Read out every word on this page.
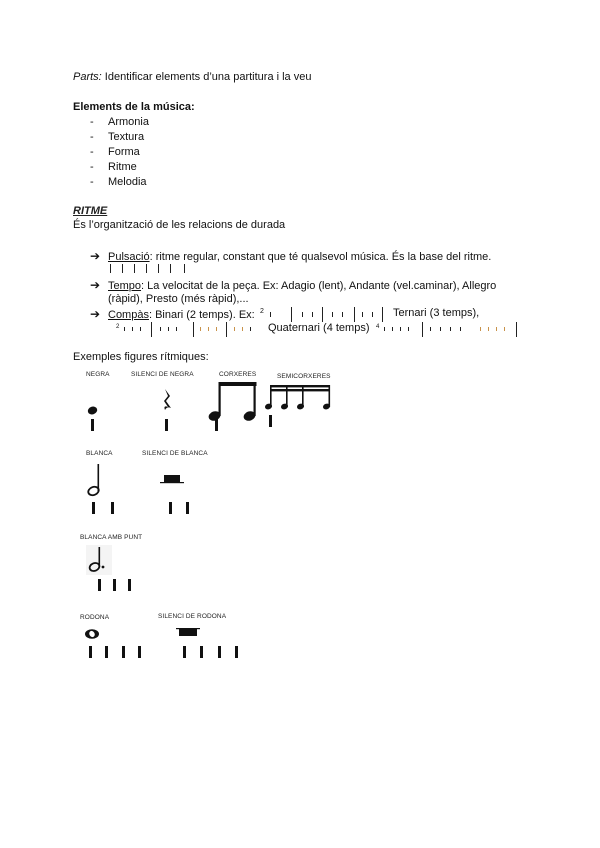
Parts: Identificar elements d’una partitura i la veu
Elements de la música:
- Armonia
- Textura
- Forma
- Ritme
- Melodia
RITME
És l’organització de les relacions de durada
➔ Pulsació: ritme regular, constant que té qualsevol música. És la base del ritme.
➔ Tempo: La velocitat de la peça. Ex: Adagio (lent), Andante (vel.caminar), Allegro
(ràpid), Presto (més ràpid),...
➔ Compàs: Binari (2 temps). Ex: 2	Ternari (3 temps),
2	Quaternari (4 temps) 4
Exemples figures rítmiques:
NEGRA	SILENCI DE NEGRA	CORXERES	SEMICORXERES
BLANCA	SILENCI DE BLANCA
BLANCA AMB PUNT
RODONA	SILENCI DE RODONA
